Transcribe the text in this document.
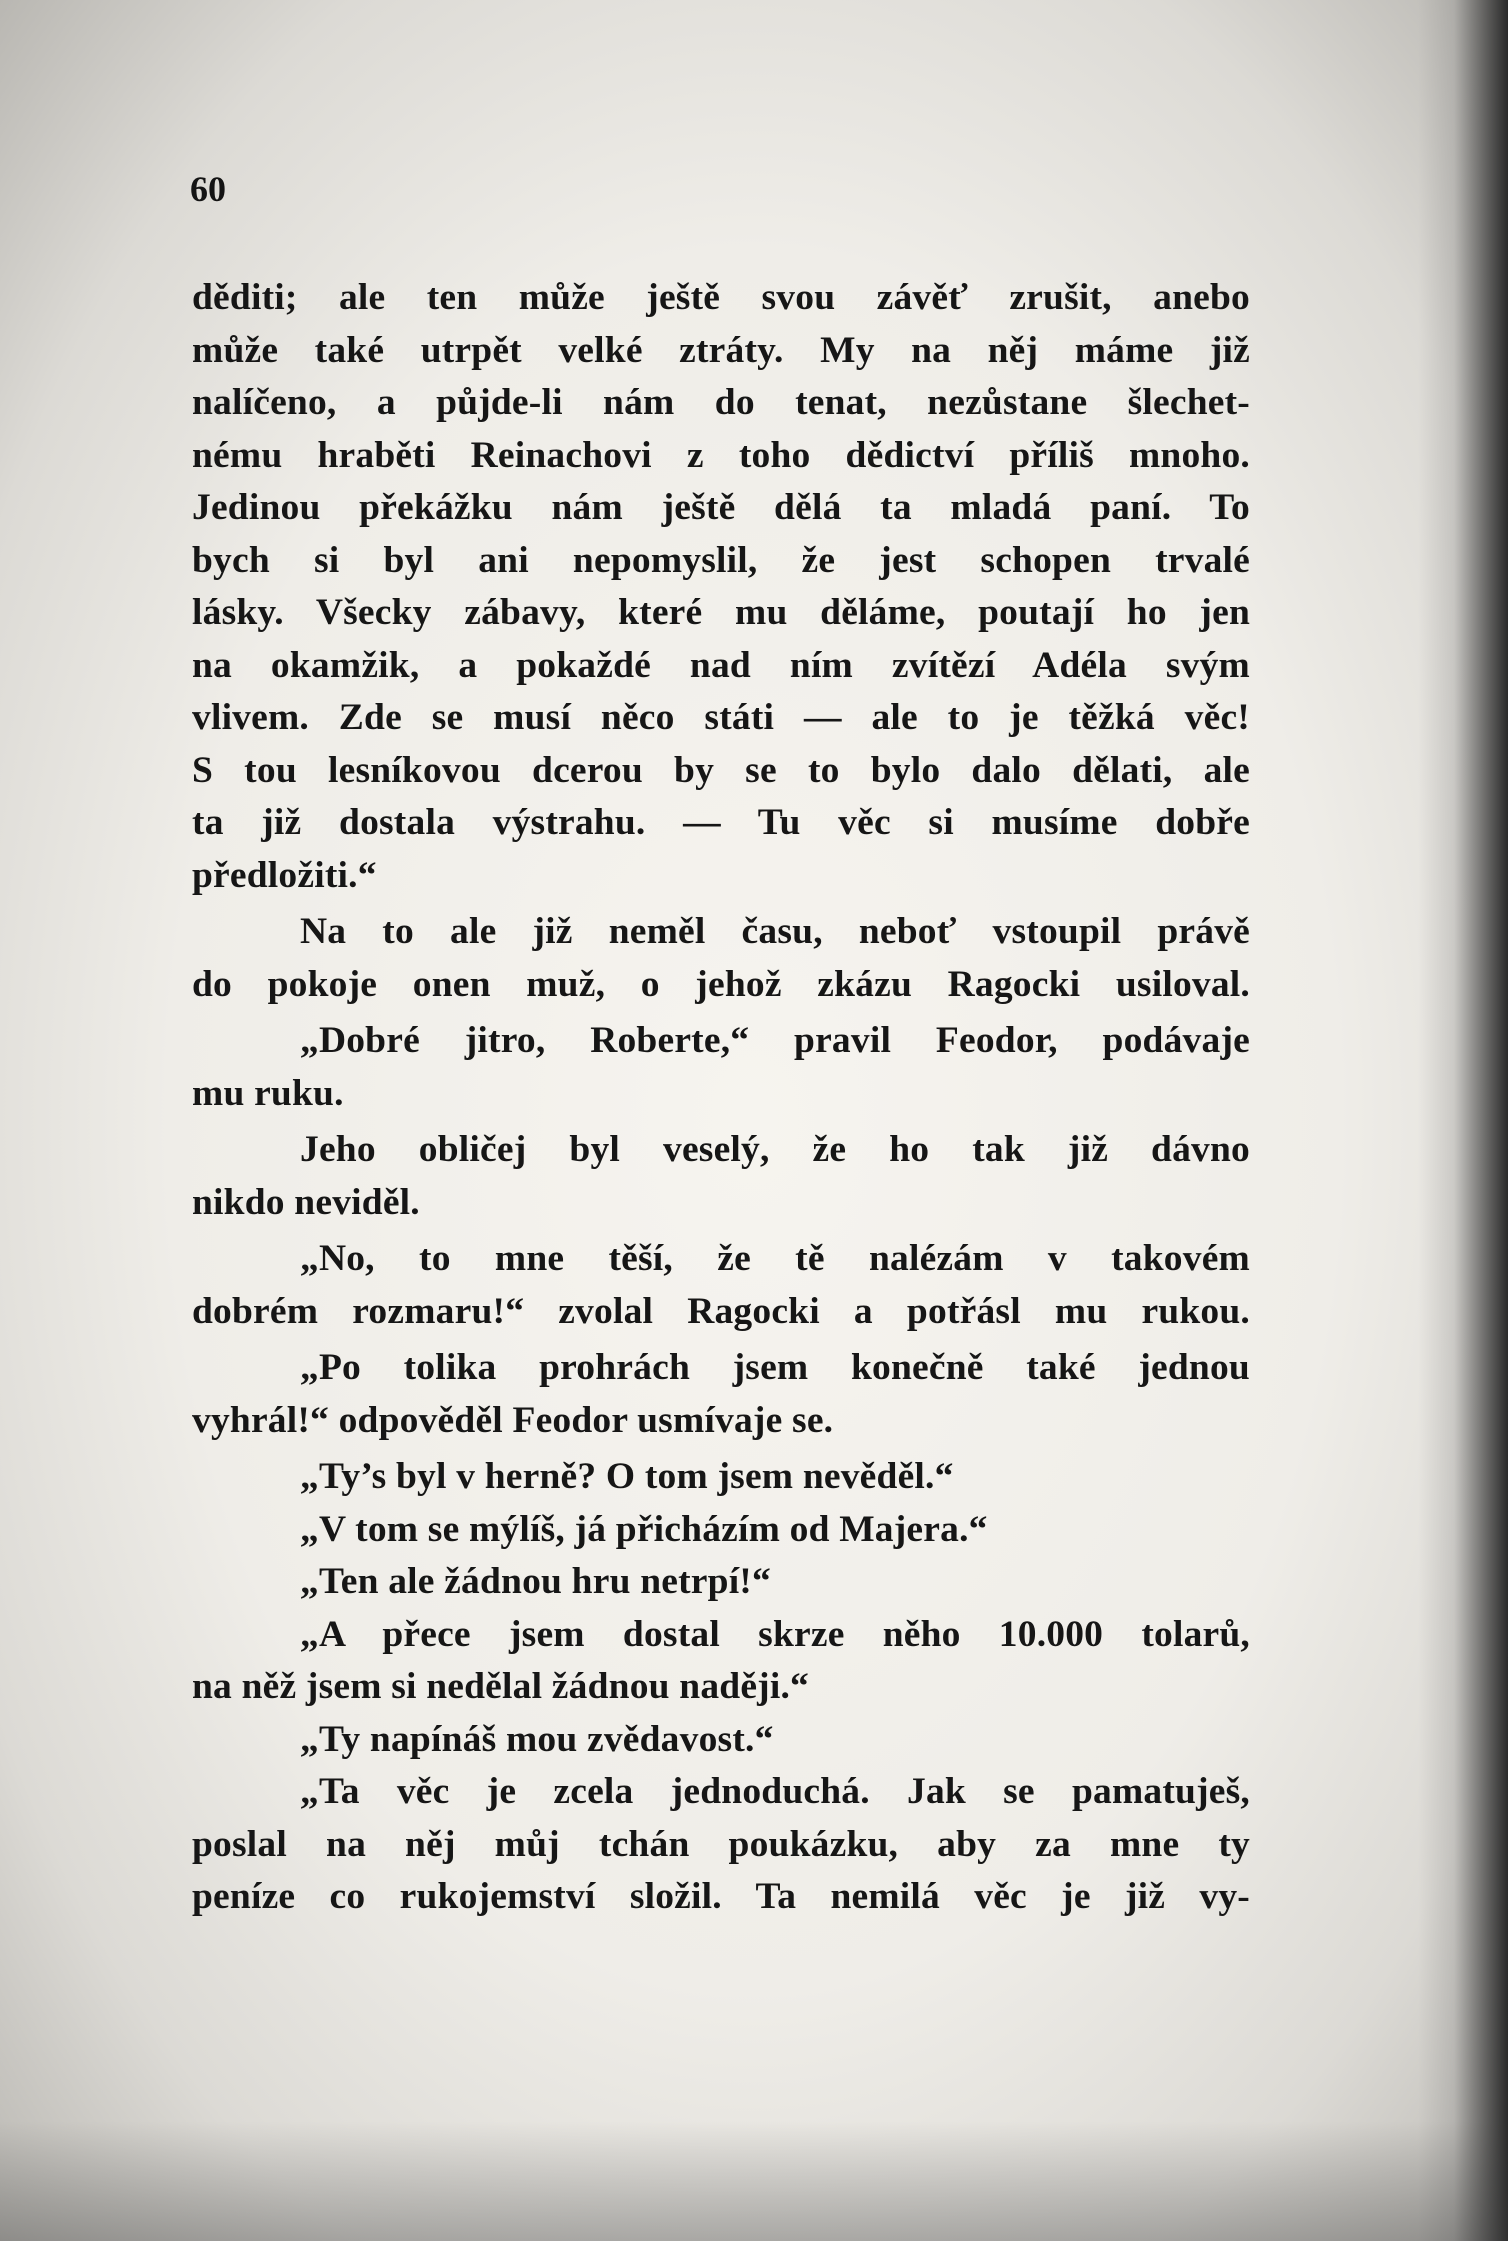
60
děditi; ale ten může ještě svou závěť zrušit, anebo
může také utrpět velké ztráty. My na něj máme již
nalíčeno, a půjde-li nám do tenat, nezůstane šlechet-
nému hraběti Reinachovi z toho dědictví příliš mnoho.
Jedinou překážku nám ještě dělá ta mladá paní. To
bych si byl ani nepomyslil, že jest schopen trvalé
lásky. Všecky zábavy, které mu děláme, poutají ho jen
na okamžik, a pokaždé nad ním zvítězí Adéla svým
vlivem. Zde se musí něco státi — ale to je těžká věc!
S tou lesníkovou dcerou by se to bylo dalo dělati, ale
ta již dostala výstrahu. — Tu věc si musíme dobře
předložiti.“
Na to ale již neměl času, neboť vstoupil právě
do pokoje onen muž, o jehož zkázu Ragocki usiloval.
„Dobré jitro, Roberte,“ pravil Feodor, podávaje
mu ruku.
Jeho obličej byl veselý, že ho tak již dávno
nikdo neviděl.
„No, to mne těší, že tě nalézám v takovém
dobrém rozmaru!“ zvolal Ragocki a potřásl mu rukou.
„Po tolika prohrách jsem konečně také jednou
vyhrál!“ odpověděl Feodor usmívaje se.
„Ty’s byl v herně? O tom jsem nevěděl.“
„V tom se mýlíš, já přicházím od Majera.“
„Ten ale žádnou hru netrpí!“
„A přece jsem dostal skrze něho 10.000 tolarů,
na něž jsem si nedělal žádnou naději.“
„Ty napínáš mou zvědavost.“
„Ta věc je zcela jednoduchá. Jak se pamatuješ,
poslal na něj můj tchán poukázku, aby za mne ty
peníze co rukojemství složil. Ta nemilá věc je již vy-
